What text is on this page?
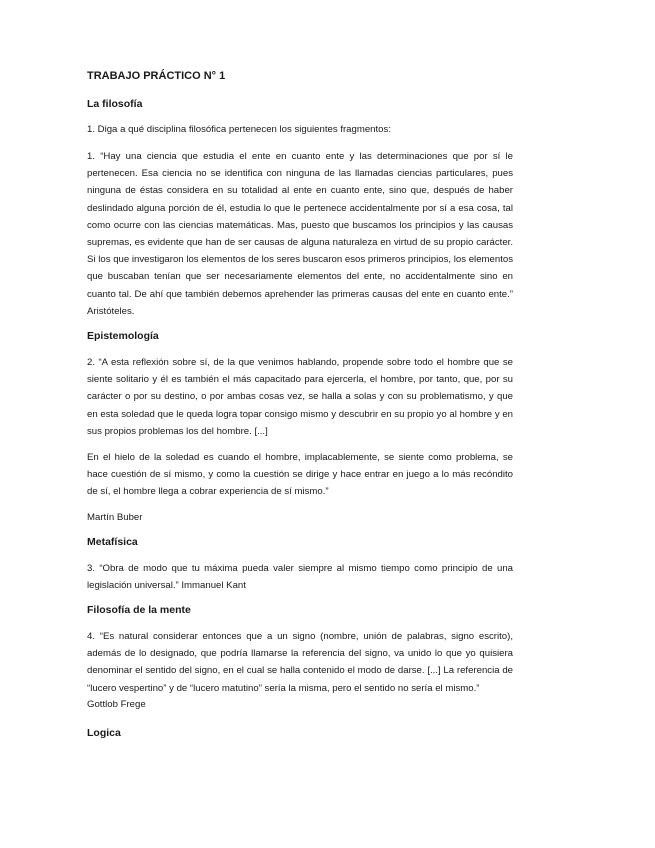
TRABAJO PRÁCTICO N° 1
La filosofía
1. Diga a qué disciplina filosófica pertenecen los siguientes fragmentos:

1. “Hay una ciencia que estudia el ente en cuanto ente y las determinaciones que por sí le pertenecen. Esa ciencia no se identifica con ninguna de las llamadas ciencias particulares, pues ninguna de éstas considera en su totalidad al ente en cuanto ente, sino que, después de haber deslindado alguna porción de él, estudia lo que le pertenece accidentalmente por sí a esa cosa, tal como ocurre con las ciencias matemáticas. Mas, puesto que buscamos los principios y las causas supremas, es evidente que han de ser causas de alguna naturaleza en virtud de su propio carácter. Si los que investigaron los elementos de los seres buscaron esos primeros principios, los elementos que buscaban tenían que ser necesariamente elementos del ente, no accidentalmente sino en cuanto tal. De ahí que también debemos aprehender las primeras causas del ente en cuanto ente.” Aristóteles.

Epistemología

2. “A esta reflexión sobre sí, de la que venimos hablando, propende sobre todo el hombre que se siente solitario y él es también el más capacitado para ejercerla, el hombre, por tanto, que, por su carácter o por su destino, o por ambas cosas vez, se halla a solas y con su problematismo, y que en esta soledad que le queda logra topar consigo mismo y descubrir en su propio yo al hombre y en sus propios problemas los del hombre. [...]

En el hielo de la soledad es cuando el hombre, implacablemente, se siente como problema, se hace cuestión de sí mismo, y como la cuestión se dirige y hace entrar en juego a lo más recóndito de sí, el hombre llega a cobrar experiencia de sí mismo.”

Martín Buber
Metafísica

3. “Obra de modo que tu máxima pueda valer siempre al mismo tiempo como principio de una legislación universal.” Immanuel Kant

Filosofía de la mente

4. “Es natural considerar entonces que a un signo (nombre, unión de palabras, signo escrito), además de lo designado, que podría llamarse la referencia del signo, va unido lo que yo quisiera denominar el sentido del signo, en el cual se halla contenido el modo de darse. [...] La referencia de “lucero vespertino” y de “lucero matutino” sería la misma, pero el sentido no sería el mismo.”

Gottlob Frege
Logica
